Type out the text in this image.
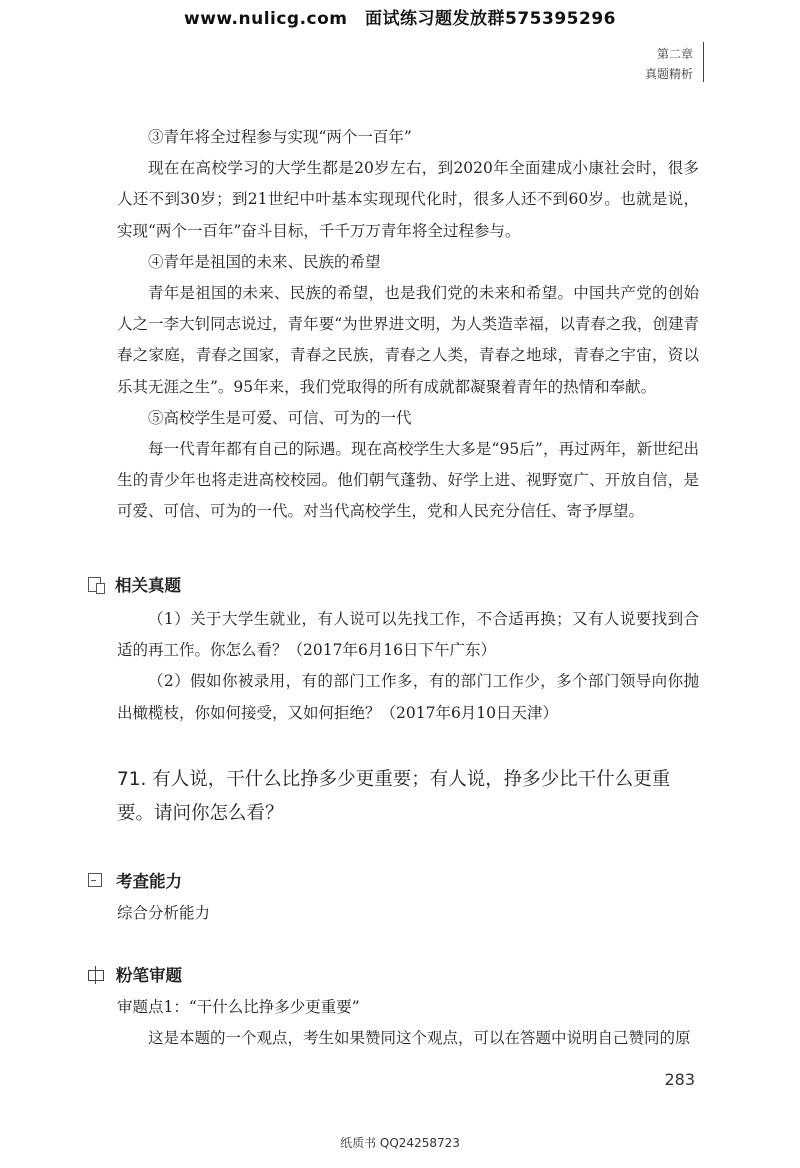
www.nulicg.com　面试练习题发放群575395296
第二章
真题精析

③青年将全过程参与实现“两个一百年”

现在在高校学习的大学生都是20岁左右，到2020年全面建成小康社会时，很多人还不到30岁；到21世纪中叶基本实现现代化时，很多人还不到60岁。也就是说，实现“两个一百年”奋斗目标，千千万万青年将全过程参与。

④青年是祖国的未来、民族的希望

青年是祖国的未来、民族的希望，也是我们党的未来和希望。中国共产党的创始人之一李大钊同志说过，青年要“为世界进文明，为人类造幸福，以青春之我，创建青春之家庭，青春之国家，青春之民族，青春之人类，青春之地球，青春之宇宙，资以乐其无涯之生”。95年来，我们党取得的所有成就都凝聚着青年的热情和奉献。

⑤高校学生是可爱、可信、可为的一代

每一代青年都有自己的际遇。现在高校学生大多是“95后”，再过两年，新世纪出生的青少年也将走进高校校园。他们朝气蓬勃、好学上进、视野宽广、开放自信，是可爱、可信、可为的一代。对当代高校学生，党和人民充分信任、寄予厚望。

相关真题

（1）关于大学生就业，有人说可以先找工作，不合适再换；又有人说要找到合适的再工作。你怎么看？（2017年6月16日下午广东）

（2）假如你被录用，有的部门工作多，有的部门工作少，多个部门领导向你抛出橄榄枝，你如何接受，又如何拒绝？（2017年6月10日天津）

71. 有人说，干什么比挣多少更重要；有人说，挣多少比干什么更重要。请问你怎么看？
考查能力

综合分析能力

粉笔审题

审题点1：“干什么比挣多少更重要”

这是本题的一个观点，考生如果赞同这个观点，可以在答题中说明自己赞同的原

283
纸质书 QQ24258723
